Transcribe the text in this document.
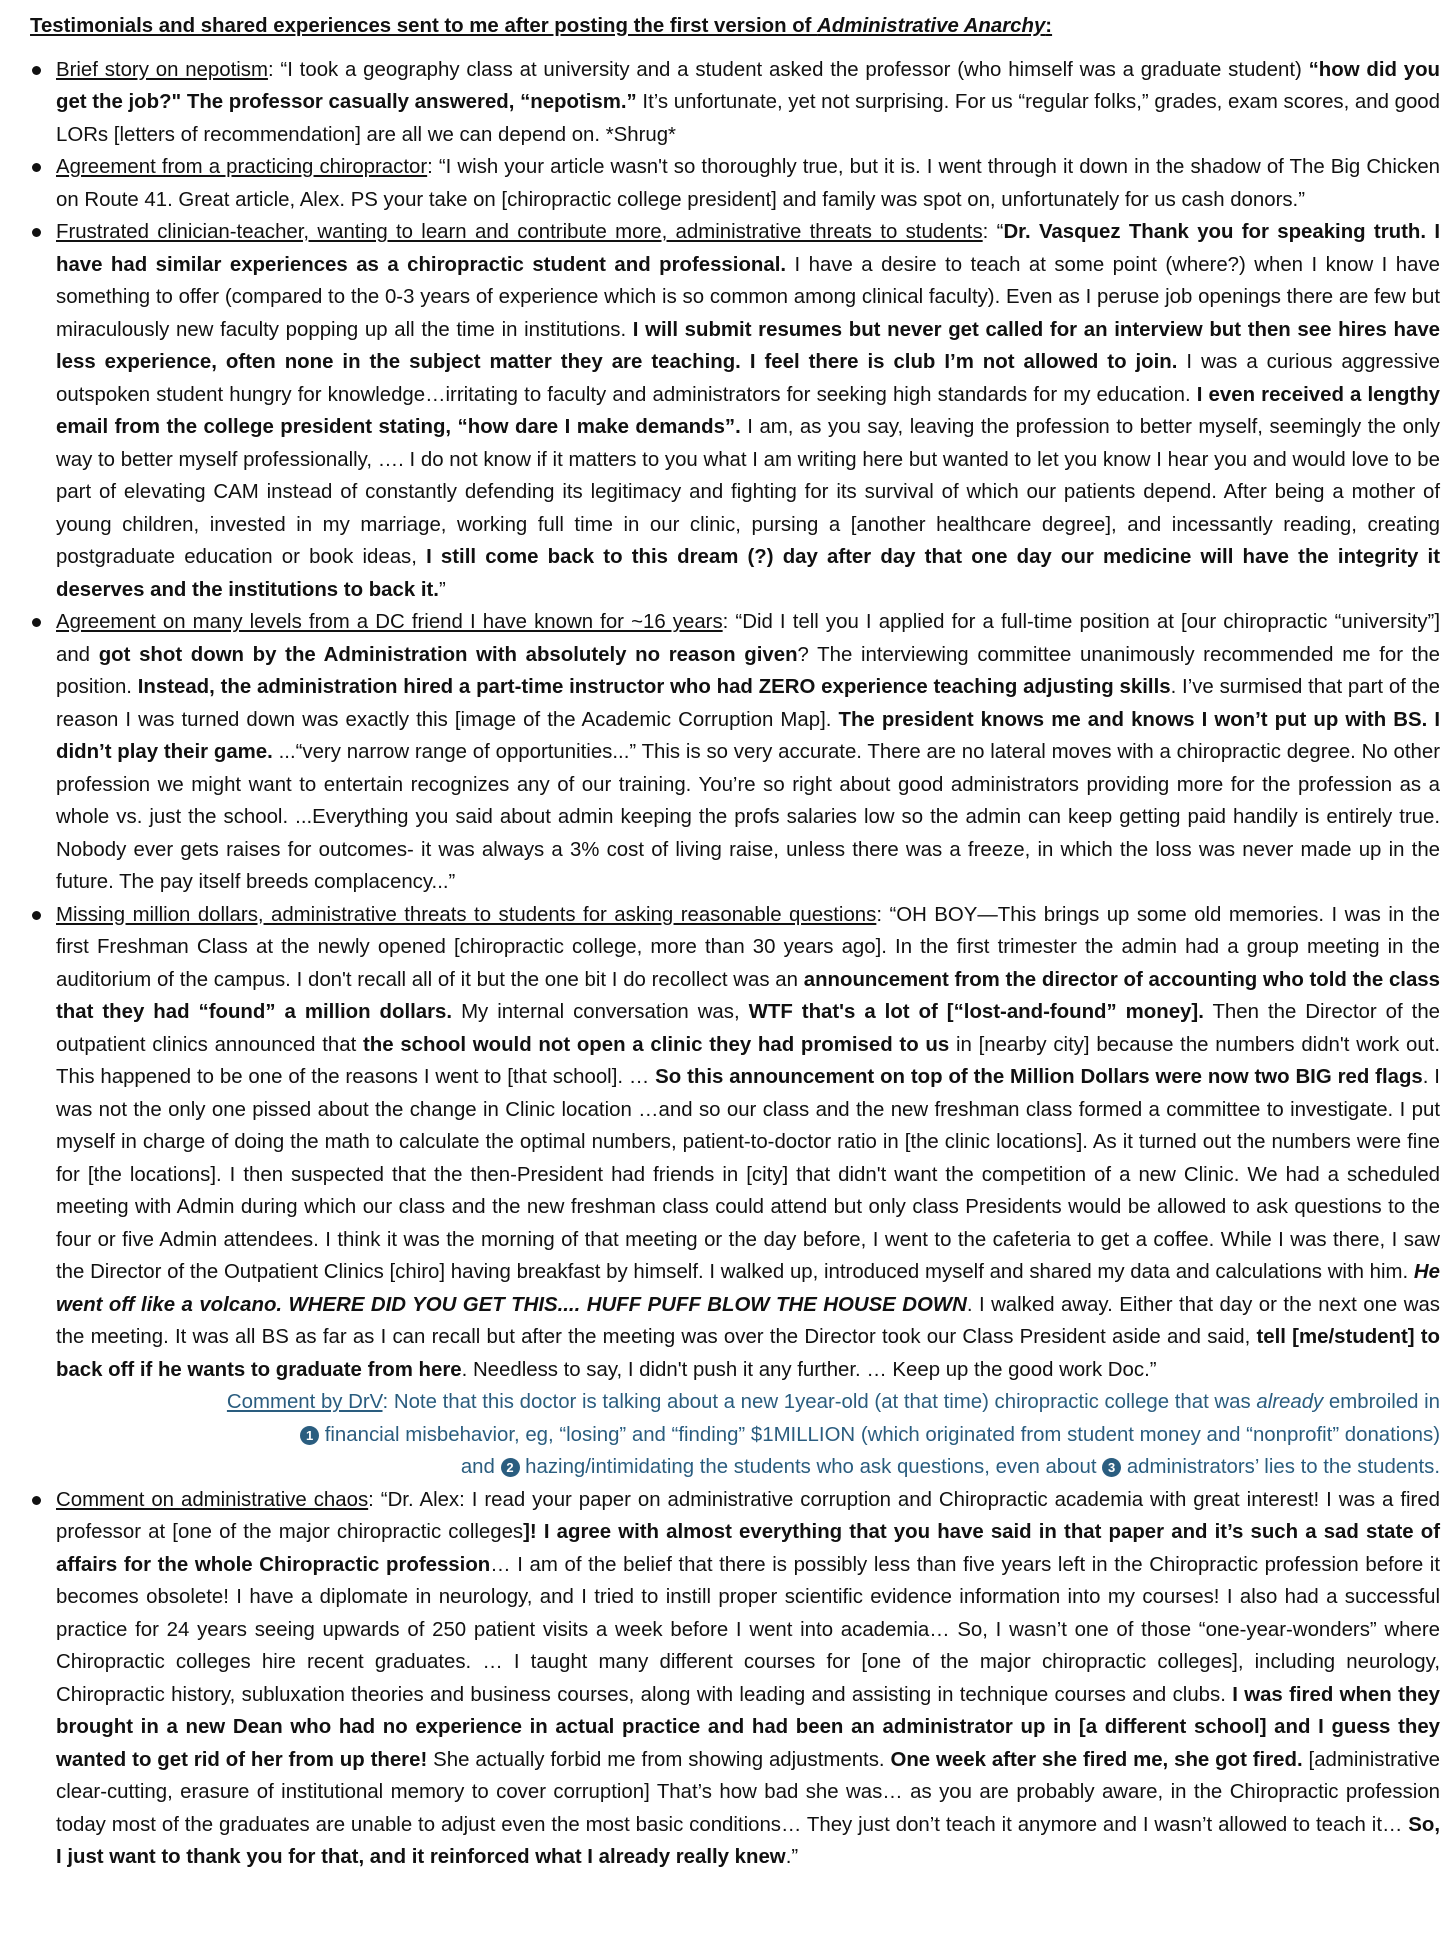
Testimonials and shared experiences sent to me after posting the first version of Administrative Anarchy:
Brief story on nepotism: “I took a geography class at university and a student asked the professor (who himself was a graduate student) “how did you get the job?" The professor casually answered, “nepotism.” It’s unfortunate, yet not surprising. For us “regular folks,” grades, exam scores, and good LORs [letters of recommendation] are all we can depend on. *Shrug*
Agreement from a practicing chiropractor: “I wish your article wasn't so thoroughly true, but it is. I went through it down in the shadow of The Big Chicken on Route 41. Great article, Alex. PS your take on [chiropractic college president] and family was spot on, unfortunately for us cash donors.”
Frustrated clinician-teacher, wanting to learn and contribute more, administrative threats to students: “Dr. Vasquez Thank you for speaking truth. I have had similar experiences as a chiropractic student and professional. I have a desire to teach at some point (where?) when I know I have something to offer (compared to the 0-3 years of experience which is so common among clinical faculty). Even as I peruse job openings there are few but miraculously new faculty popping up all the time in institutions. I will submit resumes but never get called for an interview but then see hires have less experience, often none in the subject matter they are teaching. I feel there is club I’m not allowed to join. I was a curious aggressive outspoken student hungry for knowledge…irritating to faculty and administrators for seeking high standards for my education. I even received a lengthy email from the college president stating, “how dare I make demands”. I am, as you say, leaving the profession to better myself, seemingly the only way to better myself professionally, …. I do not know if it matters to you what I am writing here but wanted to let you know I hear you and would love to be part of elevating CAM instead of constantly defending its legitimacy and fighting for its survival of which our patients depend. After being a mother of young children, invested in my marriage, working full time in our clinic, pursing a [another healthcare degree], and incessantly reading, creating postgraduate education or book ideas, I still come back to this dream (?) day after day that one day our medicine will have the integrity it deserves and the institutions to back it.”
Agreement on many levels from a DC friend I have known for ~16 years: “Did I tell you I applied for a full-time position at [our chiropractic “university”] and got shot down by the Administration with absolutely no reason given? The interviewing committee unanimously recommended me for the position. Instead, the administration hired a part-time instructor who had ZERO experience teaching adjusting skills. I’ve surmised that part of the reason I was turned down was exactly this [image of the Academic Corruption Map]. The president knows me and knows I won’t put up with BS. I didn’t play their game. ...“very narrow range of opportunities...” This is so very accurate. There are no lateral moves with a chiropractic degree. No other profession we might want to entertain recognizes any of our training. You’re so right about good administrators providing more for the profession as a whole vs. just the school. ...Everything you said about admin keeping the profs salaries low so the admin can keep getting paid handily is entirely true. Nobody ever gets raises for outcomes- it was always a 3% cost of living raise, unless there was a freeze, in which the loss was never made up in the future. The pay itself breeds complacency...”
Missing million dollars, administrative threats to students for asking reasonable questions: “OH BOY—This brings up some old memories. I was in the first Freshman Class at the newly opened [chiropractic college, more than 30 years ago]. In the first trimester the admin had a group meeting in the auditorium of the campus. I don't recall all of it but the one bit I do recollect was an announcement from the director of accounting who told the class that they had “found” a million dollars. My internal conversation was, WTF that's a lot of [“lost-and-found” money]. Then the Director of the outpatient clinics announced that the school would not open a clinic they had promised to us in [nearby city] because the numbers didn't work out. This happened to be one of the reasons I went to [that school]. … So this announcement on top of the Million Dollars were now two BIG red flags. I was not the only one pissed about the change in Clinic location …and so our class and the new freshman class formed a committee to investigate. I put myself in charge of doing the math to calculate the optimal numbers, patient-to-doctor ratio in [the clinic locations]. As it turned out the numbers were fine for [the locations]. I then suspected that the then-President had friends in [city] that didn't want the competition of a new Clinic. We had a scheduled meeting with Admin during which our class and the new freshman class could attend but only class Presidents would be allowed to ask questions to the four or five Admin attendees. I think it was the morning of that meeting or the day before, I went to the cafeteria to get a coffee. While I was there, I saw the Director of the Outpatient Clinics [chiro] having breakfast by himself. I walked up, introduced myself and shared my data and calculations with him. He went off like a volcano. WHERE DID YOU GET THIS.... HUFF PUFF BLOW THE HOUSE DOWN. I walked away. Either that day or the next one was the meeting. It was all BS as far as I can recall but after the meeting was over the Director took our Class President aside and said, tell [me/student] to back off if he wants to graduate from here. Needless to say, I didn't push it any further. … Keep up the good work Doc.”
Comment by DrV: Note that this doctor is talking about a new 1year-old (at that time) chiropractic college that was already embroiled in
1 financial misbehavior, eg, “losing” and “finding” $1MILLION (which originated from student money and “nonprofit” donations)
and 2 hazing/intimidating the students who ask questions, even about 3 administrators’ lies to the students.
Comment on administrative chaos: “Dr. Alex: I read your paper on administrative corruption and Chiropractic academia with great interest! I was a fired professor at [one of the major chiropractic colleges]! I agree with almost everything that you have said in that paper and it’s such a sad state of affairs for the whole Chiropractic profession… I am of the belief that there is possibly less than five years left in the Chiropractic profession before it becomes obsolete! I have a diplomate in neurology, and I tried to instill proper scientific evidence information into my courses! I also had a successful practice for 24 years seeing upwards of 250 patient visits a week before I went into academia… So, I wasn’t one of those “one-year-wonders” where Chiropractic colleges hire recent graduates. … I taught many different courses for [one of the major chiropractic colleges], including neurology, Chiropractic history, subluxation theories and business courses, along with leading and assisting in technique courses and clubs. I was fired when they brought in a new Dean who had no experience in actual practice and had been an administrator up in [a different school] and I guess they wanted to get rid of her from up there! She actually forbid me from showing adjustments. One week after she fired me, she got fired. [administrative clear-cutting, erasure of institutional memory to cover corruption] That’s how bad she was… as you are probably aware, in the Chiropractic profession today most of the graduates are unable to adjust even the most basic conditions… They just don’t teach it anymore and I wasn’t allowed to teach it… So, I just want to thank you for that, and it reinforced what I already really knew.”
